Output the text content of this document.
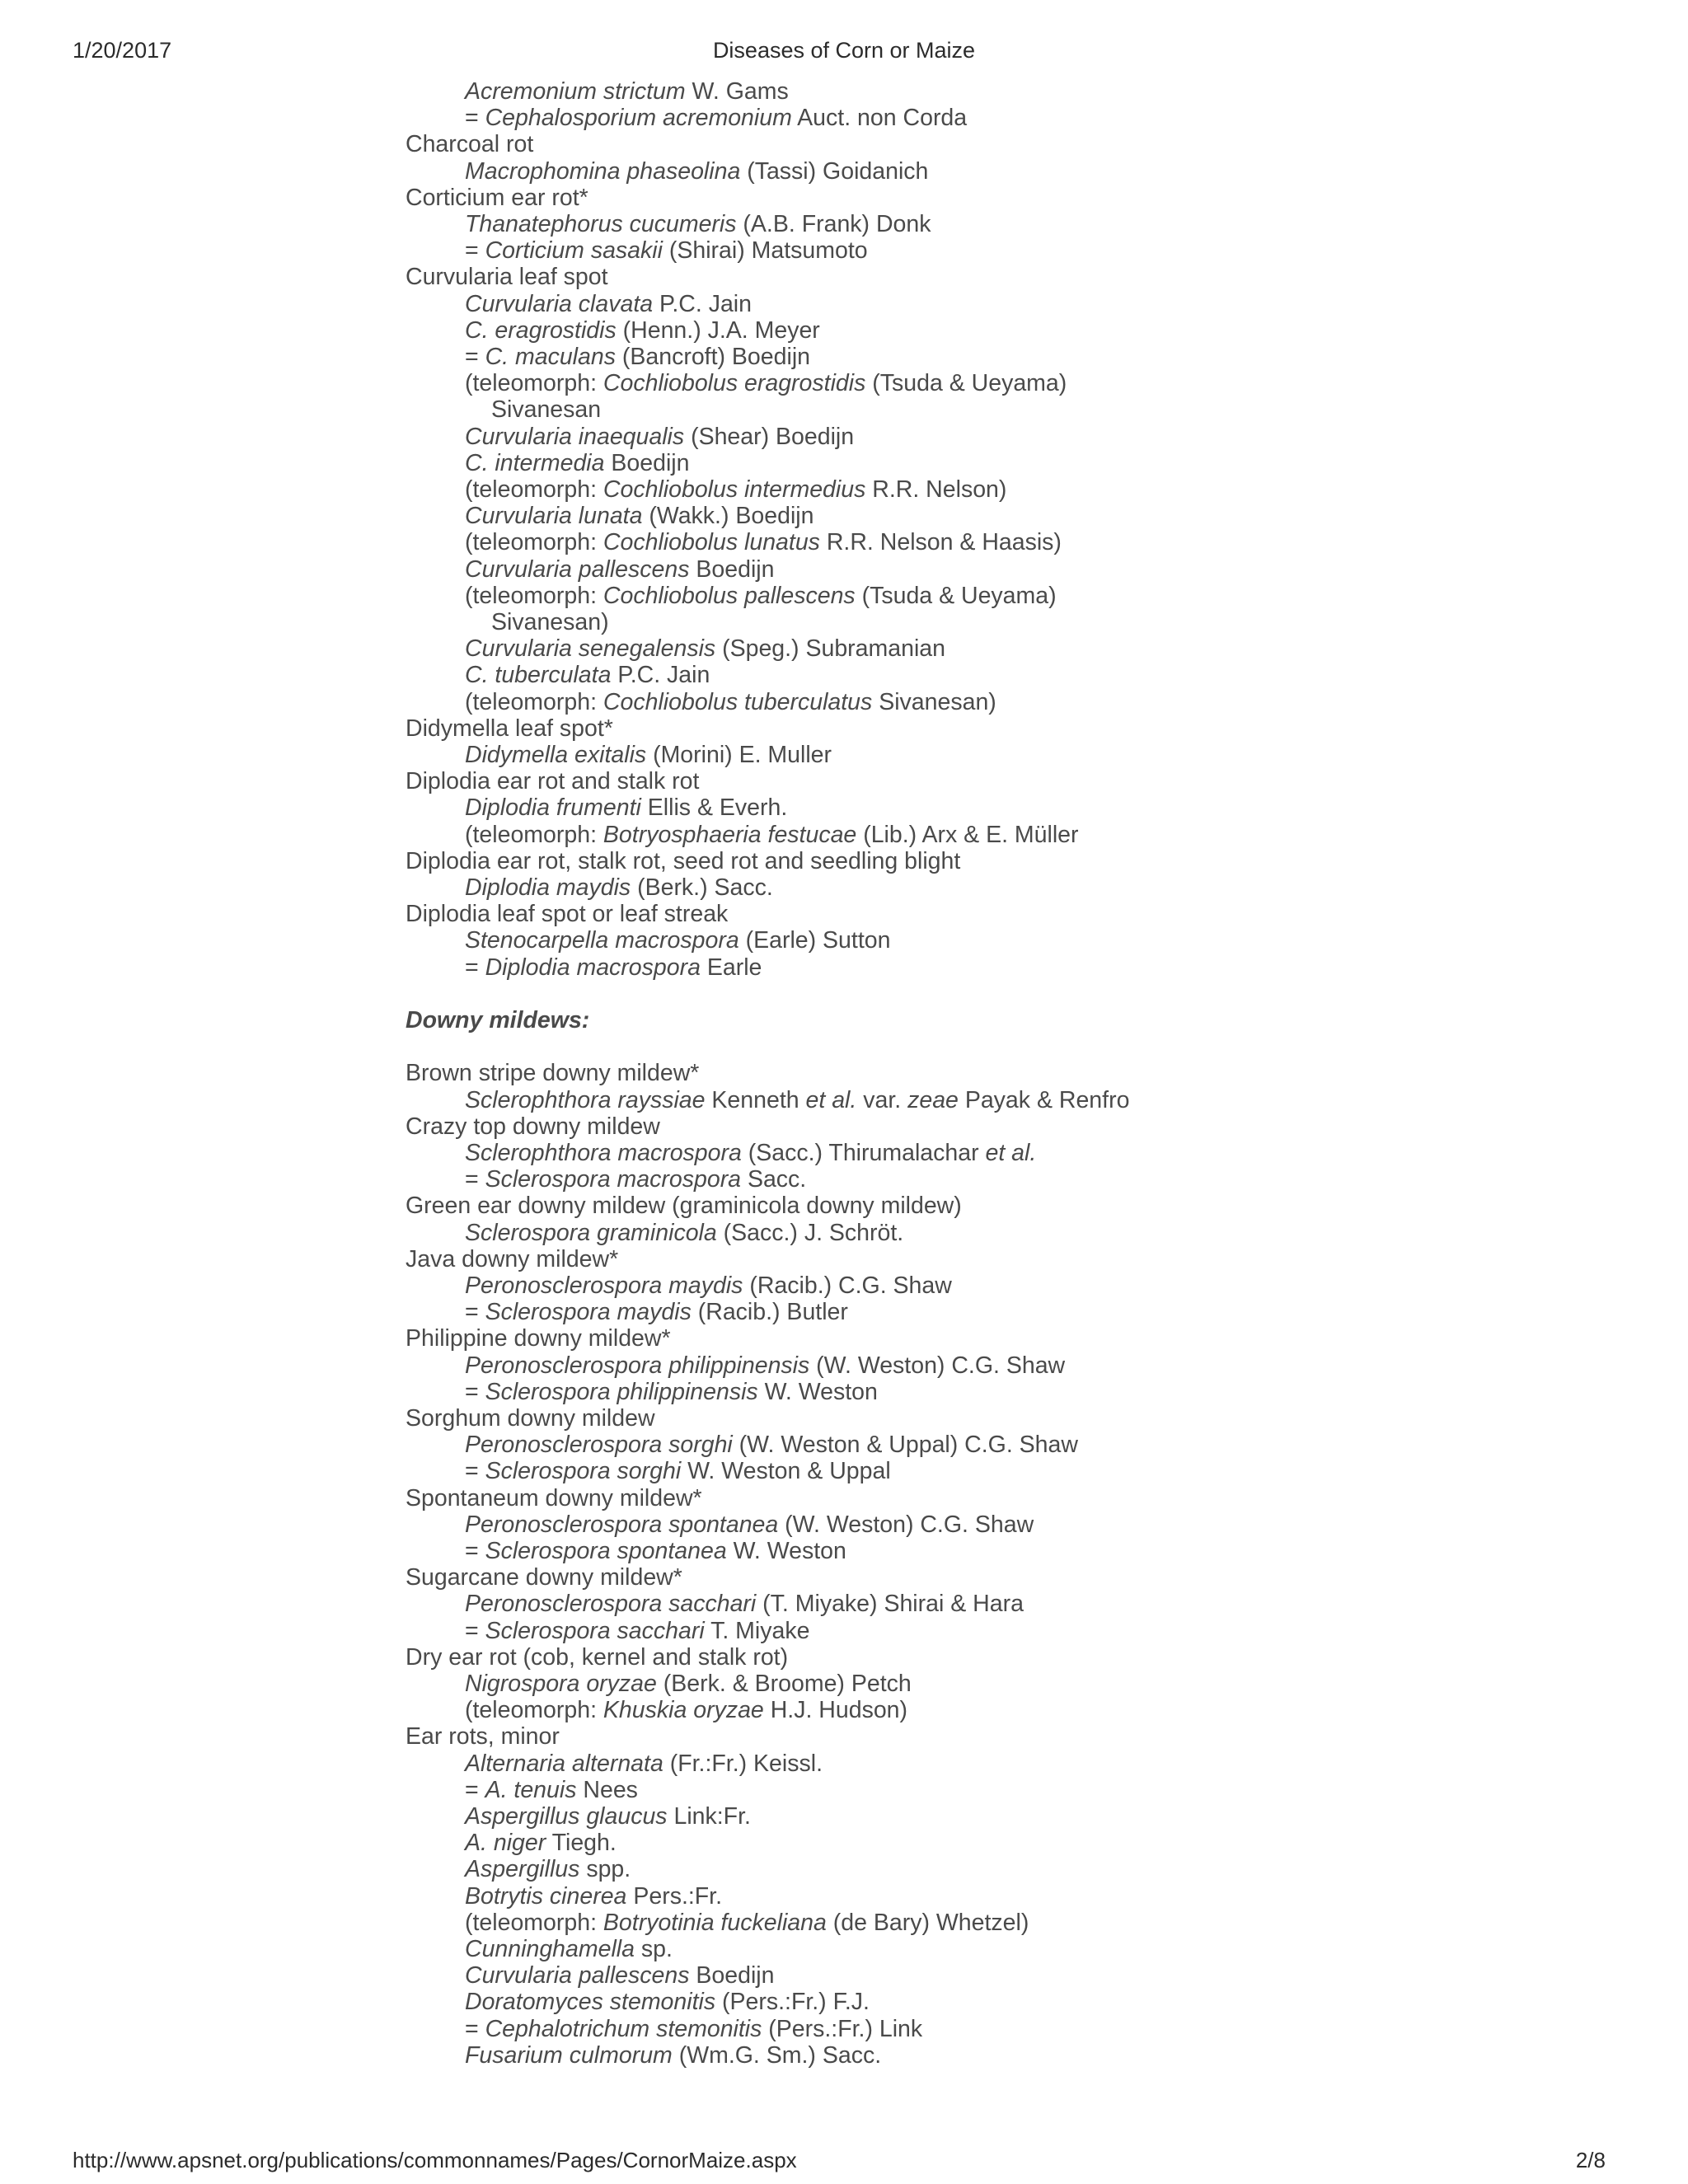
1/20/2017	Diseases of Corn or Maize
Acremonium strictum W. Gams
= Cephalosporium acremonium Auct. non Corda
Charcoal rot
Macrophomina phaseolina (Tassi) Goidanich
Corticium ear rot*
Thanatephorus cucumeris (A.B. Frank) Donk
= Corticium sasakii (Shirai) Matsumoto
Curvularia leaf spot
Curvularia clavata P.C. Jain
C. eragrostidis (Henn.) J.A. Meyer
= C. maculans (Bancroft) Boedijn
(teleomorph: Cochliobolus eragrostidis (Tsuda & Ueyama)
Sivanesan
Curvularia inaequalis (Shear) Boedijn
C. intermedia Boedijn
(teleomorph: Cochliobolus intermedius R.R. Nelson)
Curvularia lunata (Wakk.) Boedijn
(teleomorph: Cochliobolus lunatus R.R. Nelson & Haasis)
Curvularia pallescens Boedijn
(teleomorph: Cochliobolus pallescens (Tsuda & Ueyama)
Sivanesan)
Curvularia senegalensis (Speg.) Subramanian
C. tuberculata P.C. Jain
(teleomorph: Cochliobolus tuberculatus Sivanesan)
Didymella leaf spot*
Didymella exitalis (Morini) E. Muller
Diplodia ear rot and stalk rot
Diplodia frumenti Ellis & Everh.
(teleomorph: Botryosphaeria festucae (Lib.) Arx & E. Müller
Diplodia ear rot, stalk rot, seed rot and seedling blight
Diplodia maydis (Berk.) Sacc.
Diplodia leaf spot or leaf streak
Stenocarpella macrospora (Earle) Sutton
= Diplodia macrospora Earle
Downy mildews:
Brown stripe downy mildew*
Sclerophthora rayssiae Kenneth et al. var. zeae Payak & Renfro
Crazy top downy mildew
Sclerophthora macrospora (Sacc.) Thirumalachar et al.
= Sclerospora macrospora Sacc.
Green ear downy mildew (graminicola downy mildew)
Sclerospora graminicola (Sacc.) J. Schröt.
Java downy mildew*
Peronosclerospora maydis (Racib.) C.G. Shaw
= Sclerospora maydis (Racib.) Butler
Philippine downy mildew*
Peronosclerospora philippinensis (W. Weston) C.G. Shaw
= Sclerospora philippinensis W. Weston
Sorghum downy mildew
Peronosclerospora sorghi (W. Weston & Uppal) C.G. Shaw
= Sclerospora sorghi W. Weston & Uppal
Spontaneum downy mildew*
Peronosclerospora spontanea (W. Weston) C.G. Shaw
= Sclerospora spontanea W. Weston
Sugarcane downy mildew*
Peronosclerospora sacchari (T. Miyake) Shirai & Hara
= Sclerospora sacchari T. Miyake
Dry ear rot (cob, kernel and stalk rot)
Nigrospora oryzae (Berk. & Broome) Petch
(teleomorph: Khuskia oryzae H.J. Hudson)
Ear rots, minor
Alternaria alternata (Fr.:Fr.) Keissl.
= A. tenuis Nees
Aspergillus glaucus Link:Fr.
A. niger Tiegh.
Aspergillus spp.
Botrytis cinerea Pers.:Fr.
(teleomorph: Botryotinia fuckeliana (de Bary) Whetzel)
Cunninghamella sp.
Curvularia pallescens Boedijn
Doratomyces stemonitis (Pers.:Fr.) F.J.
= Cephalotrichum stemonitis (Pers.:Fr.) Link
Fusarium culmorum (Wm.G. Sm.) Sacc.
http://www.apsnet.org/publications/commonnames/Pages/CornorMaize.aspx	2/8
